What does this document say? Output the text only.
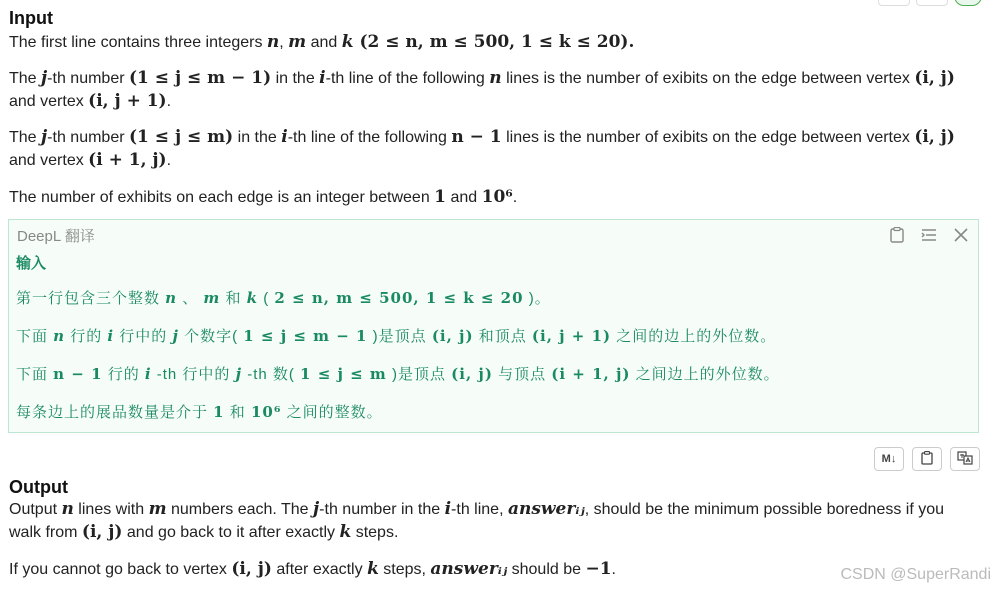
Input

The first line contains three integers n, m and k (2 ≤ n, m ≤ 500, 1 ≤ k ≤ 20).

The j-th number (1 ≤ j ≤ m − 1) in the i-th line of the following n lines is the number of exibits on the edge between vertex (i, j) and vertex (i, j + 1).

The j-th number (1 ≤ j ≤ m) in the i-th line of the following n − 1 lines is the number of exibits on the edge between vertex (i, j) and vertex (i + 1, j).

The number of exhibits on each edge is an integer between 1 and 10⁶.

DeepL 翻译
输入
第一行包含三个整数 n 、 m 和 k ( 2 ≤ n, m ≤ 500, 1 ≤ k ≤ 20 )。
下面 n 行的 i 行中的 j 个数字( 1 ≤ j ≤ m − 1 )是顶点 (i, j) 和顶点 (i, j + 1) 之间的边上的外位数。
下面 n − 1 行的 i -th 行中的 j -th 数( 1 ≤ j ≤ m )是顶点 (i, j) 与顶点 (i + 1, j) 之间边上的外位数。
每条边上的展品数量是介于 1 和 10⁶ 之间的整数。
M↓
Output

Output n lines with m numbers each. The j-th number in the i-th line, answerᵢⱼ, should be the minimum possible boredness if you walk from (i, j) and go back to it after exactly k steps.

If you cannot go back to vertex (i, j) after exactly k steps, answerᵢⱼ should be −1.	CSDN @SuperRandi
